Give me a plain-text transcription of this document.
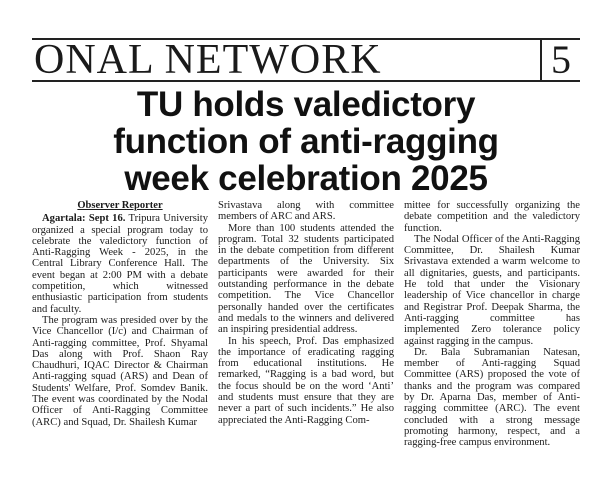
ONAL NETWORK	5
TU holds valedictory
function of anti-ragging
week celebration 2025
Observer Reporter

Agartala: Sept 16. Tripura University organized a special program today to celebrate the valedictory function of Anti-Ragging Week - 2025, in the Central Library Conference Hall. The event began at 2:00 PM with a debate competition, which witnessed enthusiastic participation from students and faculty.

The program was presided over by the Vice Chancellor (I/c) and Chairman of Anti-ragging committee, Prof. Shyamal Das along with Prof. Shaon Ray Chaudhuri, IQAC Director & Chairman Anti-ragging squad (ARS) and Dean of Students' Welfare, Prof. Somdev Banik. The event was coordinated by the Nodal Officer of Anti-Ragging Committee (ARC) and Squad, Dr. Shailesh Kumar

Srivastava along with committee members of ARC and ARS.

More than 100 students attended the program. Total 32 students participated in the debate competition from different departments of the University. Six participants were awarded for their outstanding performance in the debate competition. The Vice Chancellor personally handed over the certificates and medals to the winners and delivered an inspiring presidential address.

In his speech, Prof. Das emphasized the importance of eradicating ragging from educational institutions. He remarked, “Ragging is a bad word, but the focus should be on the word ‘Anti’ and students must ensure that they are never a part of such incidents.” He also appreciated the Anti-Ragging Com-

mittee for successfully organizing the debate competition and the valedictory function.

The Nodal Officer of the Anti-Ragging Committee, Dr. Shailesh Kumar Srivastava extended a warm welcome to all dignitaries, guests, and participants. He told that under the Visionary leadership of Vice chancellor in charge and Registrar Prof. Deepak Sharma, the Anti-ragging committee has implemented Zero tolerance policy against ragging in the campus.

Dr. Bala Subramanian Natesan, member of Anti-ragging Squad Committee (ARS) proposed the vote of thanks and the program was compared by Dr. Aparna Das, member of Anti-ragging committee (ARC). The event concluded with a strong message promoting harmony, respect, and a ragging-free campus environment.
